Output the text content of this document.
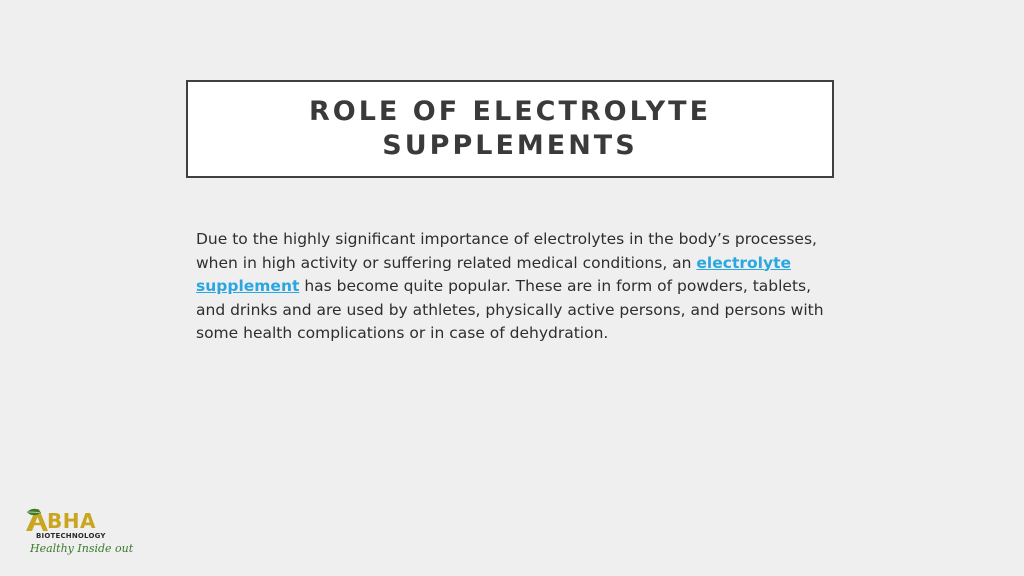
ROLE OF ELECTROLYTE
SUPPLEMENTS

Due to the highly significant importance of electrolytes in the body’s processes, when in high activity or suffering related medical conditions, an electrolyte supplement has become quite popular. These are in form of powders, tablets, and drinks and are used by athletes, physically active persons, and persons with some health complications or in case of dehydration.

BHA
BIOTECHNOLOGY
Healthy Inside out
